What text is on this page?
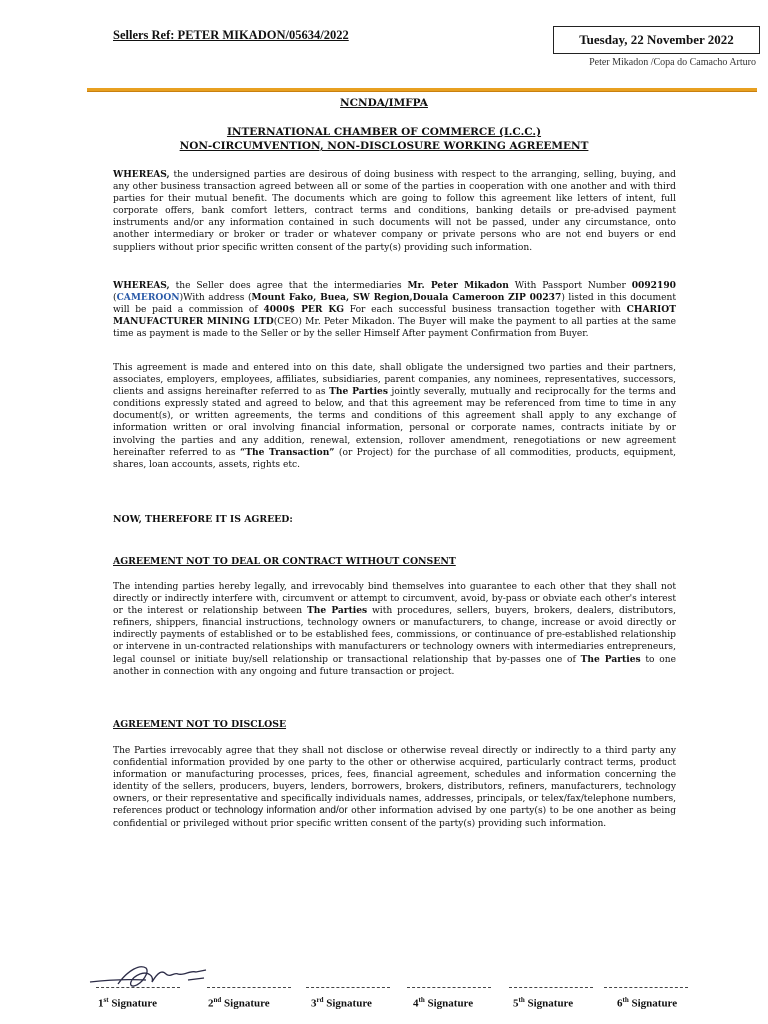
Sellers Ref: PETER MIKADON/05634/2022	Tuesday, 22 November 2022
Peter Mikadon /Copa do Camacho Arturo
NCNDA/IMFPA
INTERNATIONAL CHAMBER OF COMMERCE (I.C.C.)
NON-CIRCUMVENTION, NON-DISCLOSURE WORKING AGREEMENT

WHEREAS, the undersigned parties are desirous of doing business with respect to the arranging, selling, buying, and any other business transaction agreed between all or some of the parties in cooperation with one another and with third parties for their mutual benefit. The documents which are going to follow this agreement like letters of intent, full corporate offers, bank comfort letters, contract terms and conditions, banking details or pre-advised payment instruments and/or any information contained in such documents will not be passed, under any circumstance, onto another intermediary or broker or trader or whatever company or private persons who are not end buyers or end suppliers without prior specific written consent of the party(s) providing such information.

WHEREAS, the Seller does agree that the intermediaries Mr. Peter Mikadon With Passport Number 0092190 (CAMEROON)With address (Mount Fako, Buea, SW Region,Douala Cameroon ZIP 00237) listed in this document will be paid a commission of 4000$ PER KG For each successful business transaction together with CHARIOT MANUFACTURER MINING LTD(CEO) Mr. Peter Mikadon. The Buyer will make the payment to all parties at the same time as payment is made to the Seller or by the seller Himself After payment Confirmation from Buyer.

This agreement is made and entered into on this date, shall obligate the undersigned two parties and their partners, associates, employers, employees, affiliates, subsidiaries, parent companies, any nominees, representatives, successors, clients and assigns hereinafter referred to as The Parties jointly severally, mutually and reciprocally for the terms and conditions expressly stated and agreed to below, and that this agreement may be referenced from time to time in any document(s), or written agreements, the terms and conditions of this agreement shall apply to any exchange of information written or oral involving financial information, personal or corporate names, contracts initiate by or involving the parties and any addition, renewal, extension, rollover amendment, renegotiations or new agreement hereinafter referred to as “The Transaction” (or Project) for the purchase of all commodities, products, equipment, shares, loan accounts, assets, rights etc.

NOW, THEREFORE IT IS AGREED:
AGREEMENT NOT TO DEAL OR CONTRACT WITHOUT CONSENT

The intending parties hereby legally, and irrevocably bind themselves into guarantee to each other that they shall not directly or indirectly interfere with, circumvent or attempt to circumvent, avoid, by-pass or obviate each other's interest or the interest or relationship between The Parties with procedures, sellers, buyers, brokers, dealers, distributors, refiners, shippers, financial instructions, technology owners or manufacturers, to change, increase or avoid directly or indirectly payments of established or to be established fees, commissions, or continuance of pre-established relationship or intervene in un-contracted relationships with manufacturers or technology owners with intermediaries entrepreneurs, legal counsel or initiate buy/sell relationship or transactional relationship that by-passes one of The Parties to one another in connection with any ongoing and future transaction or project.

AGREEMENT NOT TO DISCLOSE

The Parties irrevocably agree that they shall not disclose or otherwise reveal directly or indirectly to a third party any confidential information provided by one party to the other or otherwise acquired, particularly contract terms, product information or manufacturing processes, prices, fees, financial agreement, schedules and information concerning the identity of the sellers, producers, buyers, lenders, borrowers, brokers, distributors, refiners, manufacturers, technology owners, or their representative and specifically individuals names, addresses, principals, or telex/fax/telephone numbers, references product or technology information and/or other information advised by one party(s) to be one another as being confidential or privileged without prior specific written consent of the party(s) providing such information.

1st Signature	2nd Signature	3rd Signature	4th Signature	5th Signature	6th Signature
